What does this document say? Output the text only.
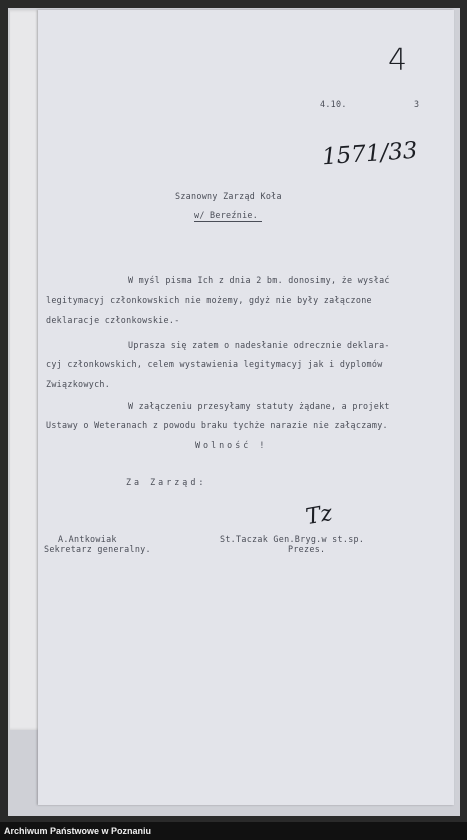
4
4.10.	3
1571/33
Szanowny Zarząd Koła
w/ Bereźnie.
W myśl pisma Ich z dnia 2 bm. donosimy, że wysłać
legitymacyj członkowskich nie możemy, gdyż nie były załączone
deklaracje członkowskie.-
Uprasza się zatem o nadesłanie odrecznie deklara-
cyj członkowskich, celem wystawienia legitymacyj jak i dyplomów
Związkowych.
W załączeniu przesyłamy statuty żądane, a projekt
Ustawy o Weteranach z powodu braku tychże narazie nie załączamy.
Wolność !
Za Zarząd:
Tz
A.Antkowiak
Sekretarz generalny.
St.Taczak Gen.Bryg.w st.sp.
Prezes.
Archiwum Państwowe w Poznaniu
